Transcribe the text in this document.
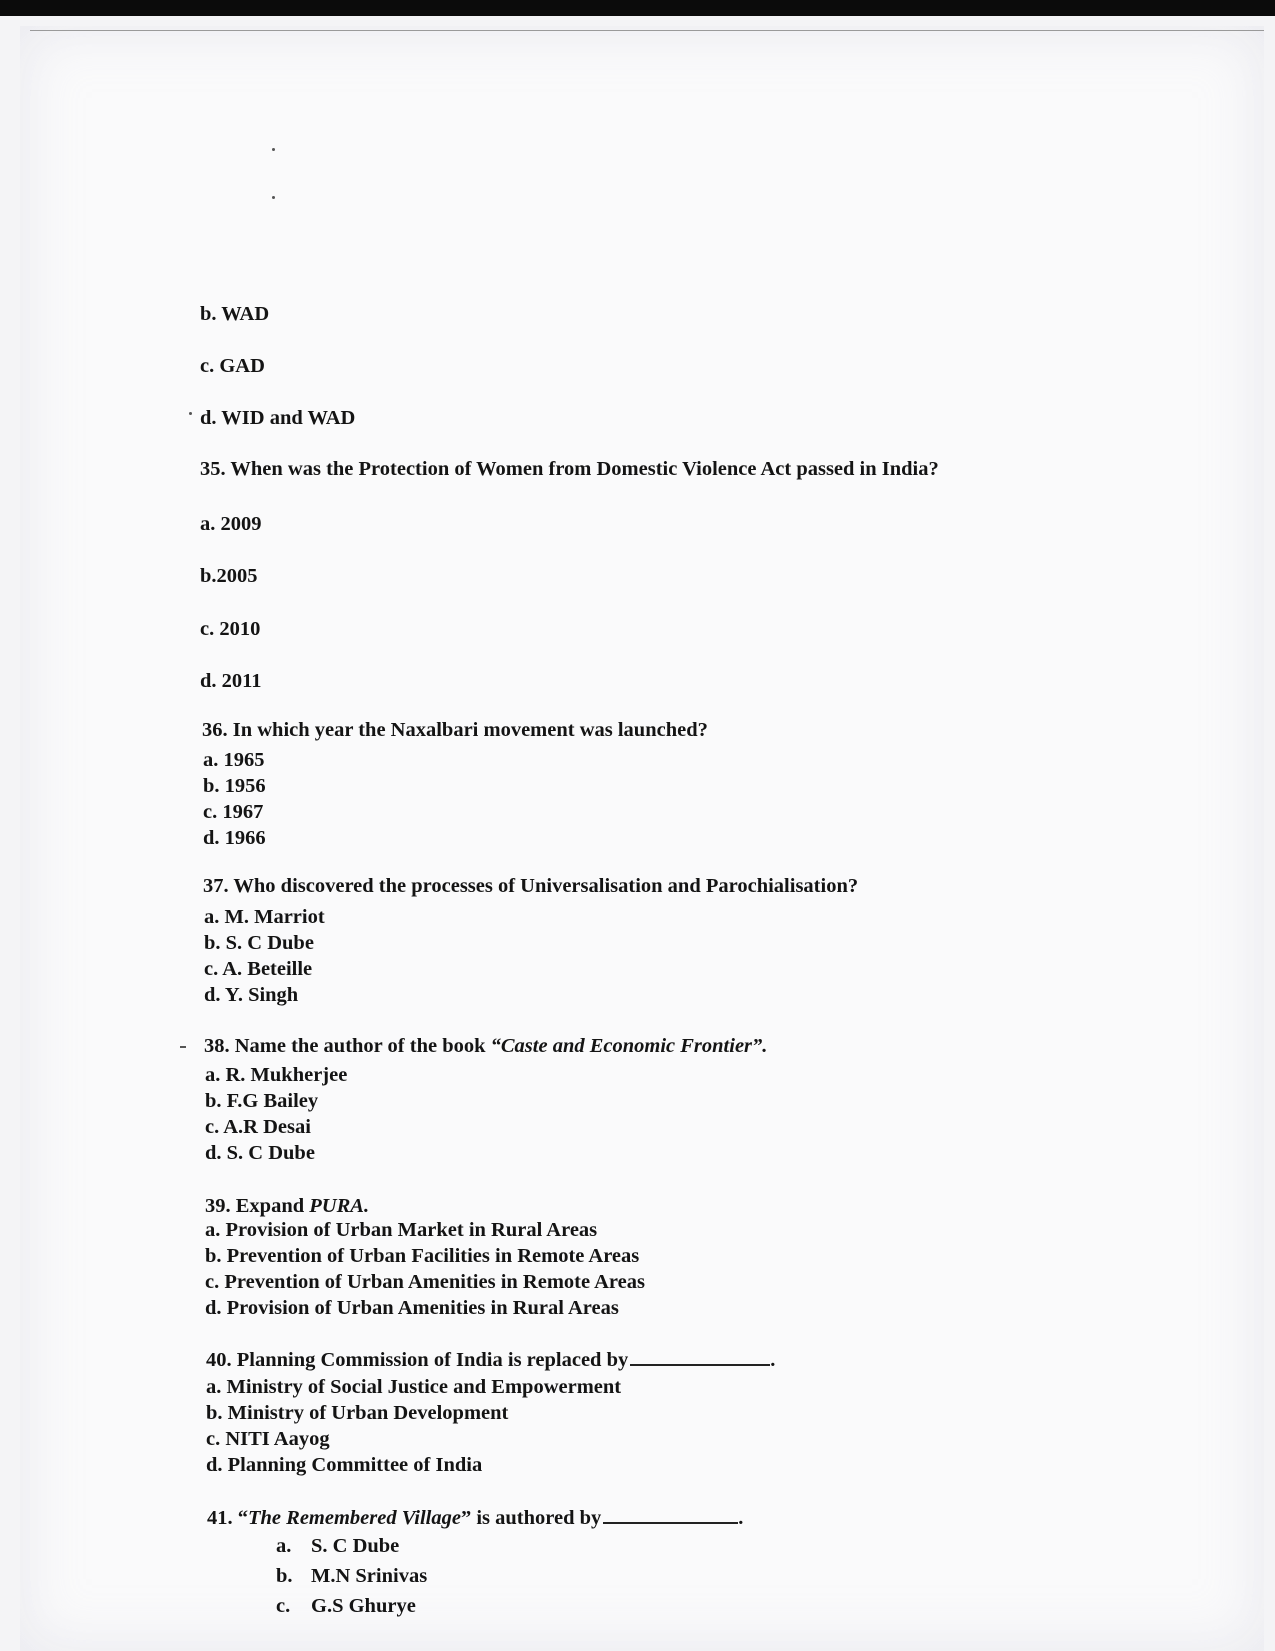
b. WAD
c. GAD
d. WID and WAD
35. When was the Protection of Women from Domestic Violence Act passed in India?
a. 2009
b.2005
c. 2010
d. 2011
36. In which year the Naxalbari movement was launched?
a. 1965
b. 1956
c. 1967
d. 1966
37. Who discovered the processes of Universalisation and Parochialisation?
a. M. Marriot
b. S. C Dube
c. A. Beteille
d. Y. Singh
38. Name the author of the book “Caste and Economic Frontier”.
a. R. Mukherjee
b. F.G Bailey
c. A.R Desai
d. S. C Dube
39. Expand PURA.
a. Provision of Urban Market in Rural Areas
b. Prevention of Urban Facilities in Remote Areas
c. Prevention of Urban Amenities in Remote Areas
d. Provision of Urban Amenities in Rural Areas
40. Planning Commission of India is replaced by	.
a. Ministry of Social Justice and Empowerment
b. Ministry of Urban Development
c. NITI Aayog
d. Planning Committee of India
41. “The Remembered Village” is authored by	.
a. S. C Dube
b. M.N Srinivas
c. G.S Ghurye
